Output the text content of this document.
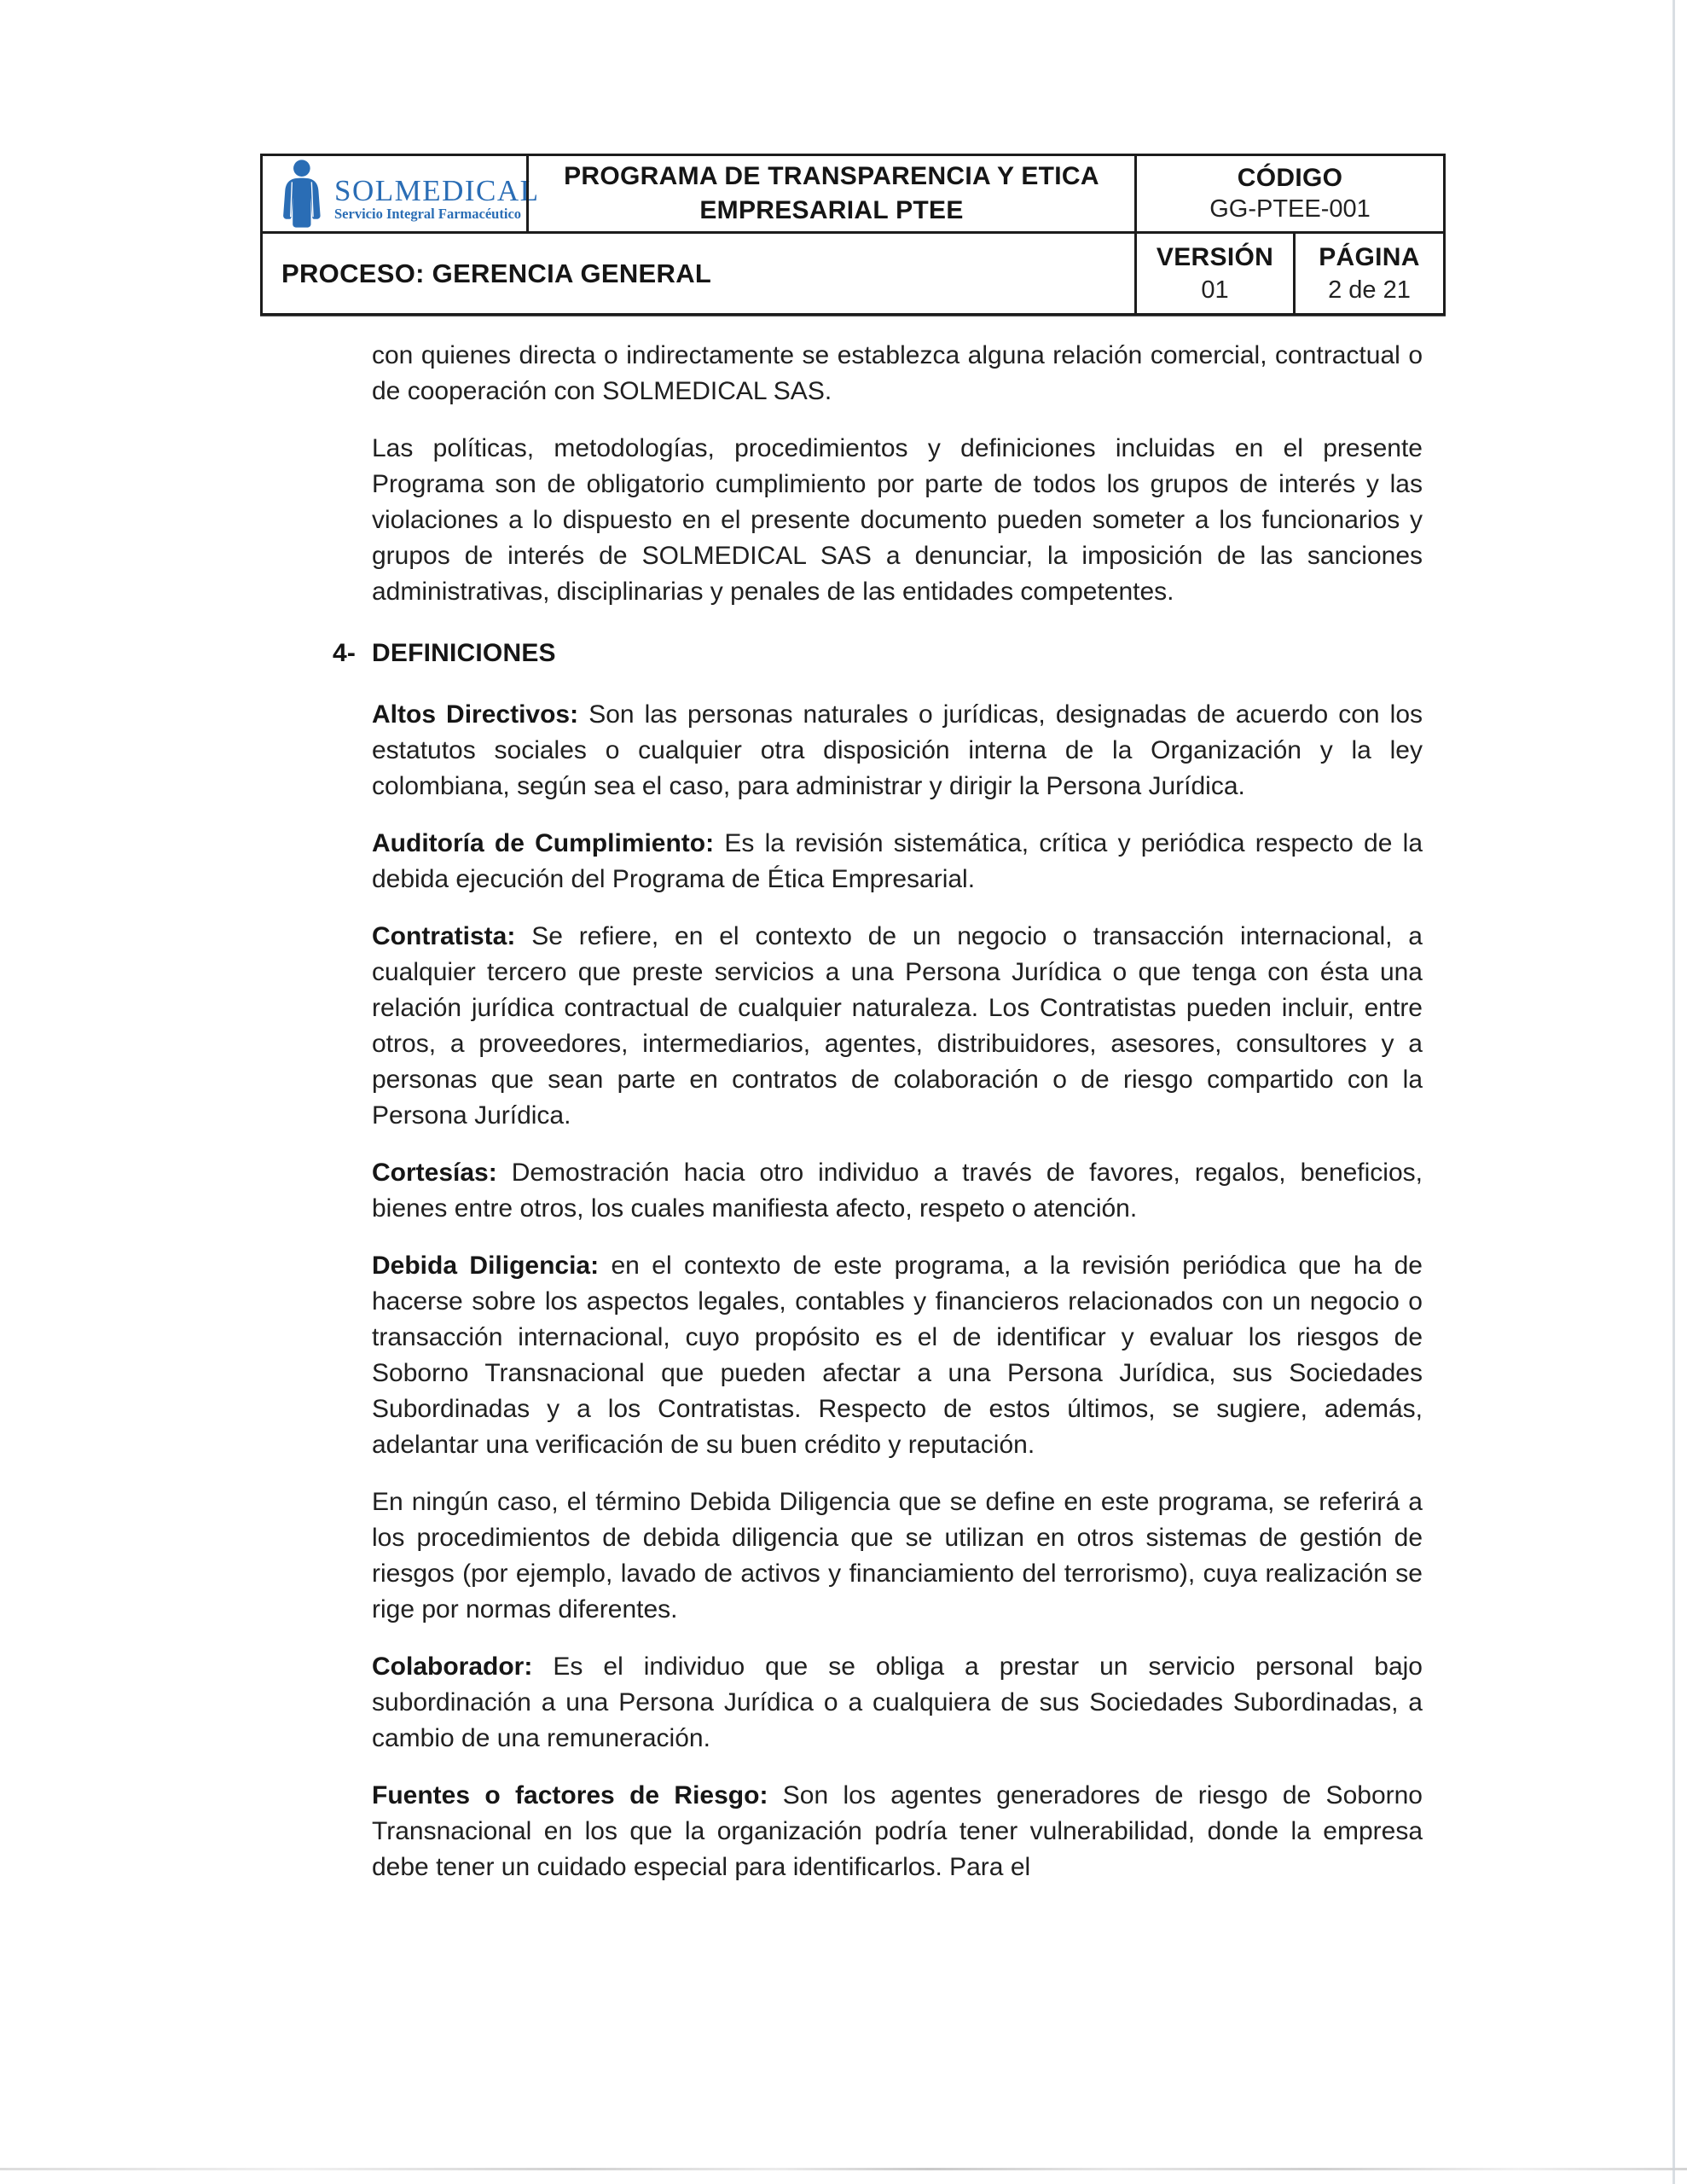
SOLMEDICAL
Servicio Integral Farmacéutico
PROGRAMA DE TRANSPARENCIA Y ETICA
EMPRESARIAL PTEE
CÓDIGO
GG-PTEE-001
PROCESO: GERENCIA GENERAL
VERSIÓN
01
PÁGINA
2 de 21

con quienes directa o indirectamente se establezca alguna relación comercial, contractual o de cooperación con SOLMEDICAL SAS.

Las políticas, metodologías, procedimientos y definiciones incluidas en el presente Programa son de obligatorio cumplimiento por parte de todos los grupos de interés y las violaciones a lo dispuesto en el presente documento pueden someter a los funcionarios y grupos de interés de SOLMEDICAL SAS a denunciar, la imposición de las sanciones administrativas, disciplinarias y penales de las entidades competentes.

4- DEFINICIONES

Altos Directivos: Son las personas naturales o jurídicas, designadas de acuerdo con los estatutos sociales o cualquier otra disposición interna de la Organización y la ley colombiana, según sea el caso, para administrar y dirigir la Persona Jurídica.

Auditoría de Cumplimiento: Es la revisión sistemática, crítica y periódica respecto de la debida ejecución del Programa de Ética Empresarial.

Contratista: Se refiere, en el contexto de un negocio o transacción internacional, a cualquier tercero que preste servicios a una Persona Jurídica o que tenga con ésta una relación jurídica contractual de cualquier naturaleza. Los Contratistas pueden incluir, entre otros, a proveedores, intermediarios, agentes, distribuidores, asesores, consultores y a personas que sean parte en contratos de colaboración o de riesgo compartido con la Persona Jurídica.

Cortesías: Demostración hacia otro individuo a través de favores, regalos, beneficios, bienes entre otros, los cuales manifiesta afecto, respeto o atención.

Debida Diligencia: en el contexto de este programa, a la revisión periódica que ha de hacerse sobre los aspectos legales, contables y financieros relacionados con un negocio o transacción internacional, cuyo propósito es el de identificar y evaluar los riesgos de Soborno Transnacional que pueden afectar a una Persona Jurídica, sus Sociedades Subordinadas y a los Contratistas. Respecto de estos últimos, se sugiere, además, adelantar una verificación de su buen crédito y reputación.

En ningún caso, el término Debida Diligencia que se define en este programa, se referirá a los procedimientos de debida diligencia que se utilizan en otros sistemas de gestión de riesgos (por ejemplo, lavado de activos y financiamiento del terrorismo), cuya realización se rige por normas diferentes.

Colaborador: Es el individuo que se obliga a prestar un servicio personal bajo subordinación a una Persona Jurídica o a cualquiera de sus Sociedades Subordinadas, a cambio de una remuneración.

Fuentes o factores de Riesgo: Son los agentes generadores de riesgo de Soborno Transnacional en los que la organización podría tener vulnerabilidad, donde la empresa debe tener un cuidado especial para identificarlos. Para el
